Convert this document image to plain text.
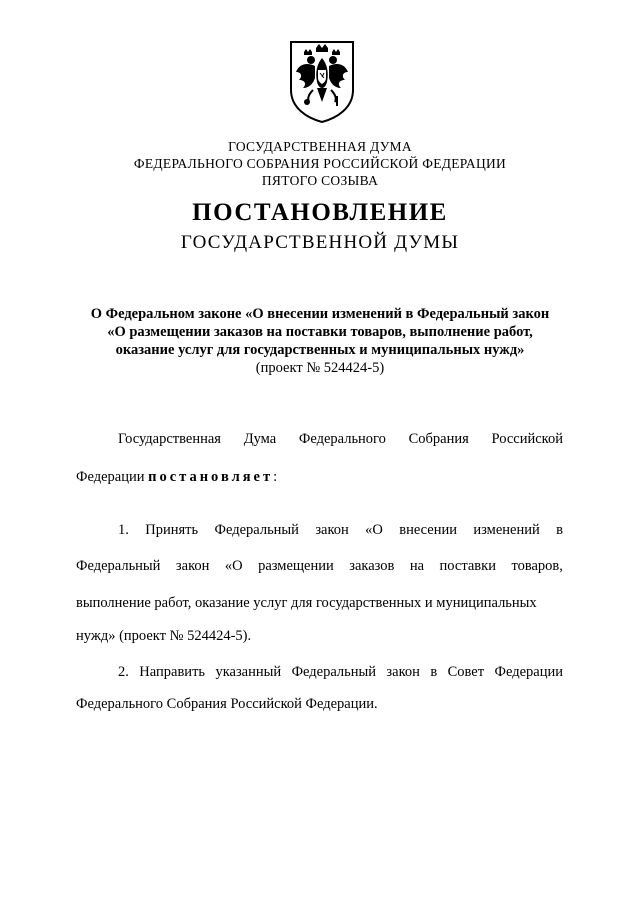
ГОСУДАРСТВЕННАЯ ДУМА
ФЕДЕРАЛЬНОГО СОБРАНИЯ РОССИЙСКОЙ ФЕДЕРАЦИИ
ПЯТОГО СОЗЫВА
ПОСТАНОВЛЕНИЕ
ГОСУДАРСТВЕННОЙ ДУМЫ
О Федеральном законе «О внесении изменений в Федеральный закон
«О размещении заказов на поставки товаров, выполнение работ,
оказание услуг для государственных и муниципальных нужд»
(проект № 524424-5)
Государственная Дума Федерального Собрания Российской
Федерации постановляет:
1. Принять Федеральный закон «О внесении изменений в
Федеральный закон «О размещении заказов на поставки товаров,
выполнение работ, оказание услуг для государственных и муниципальных
нужд» (проект № 524424-5).
2. Направить указанный Федеральный закон в Совет Федерации
Федерального Собрания Российской Федерации.
